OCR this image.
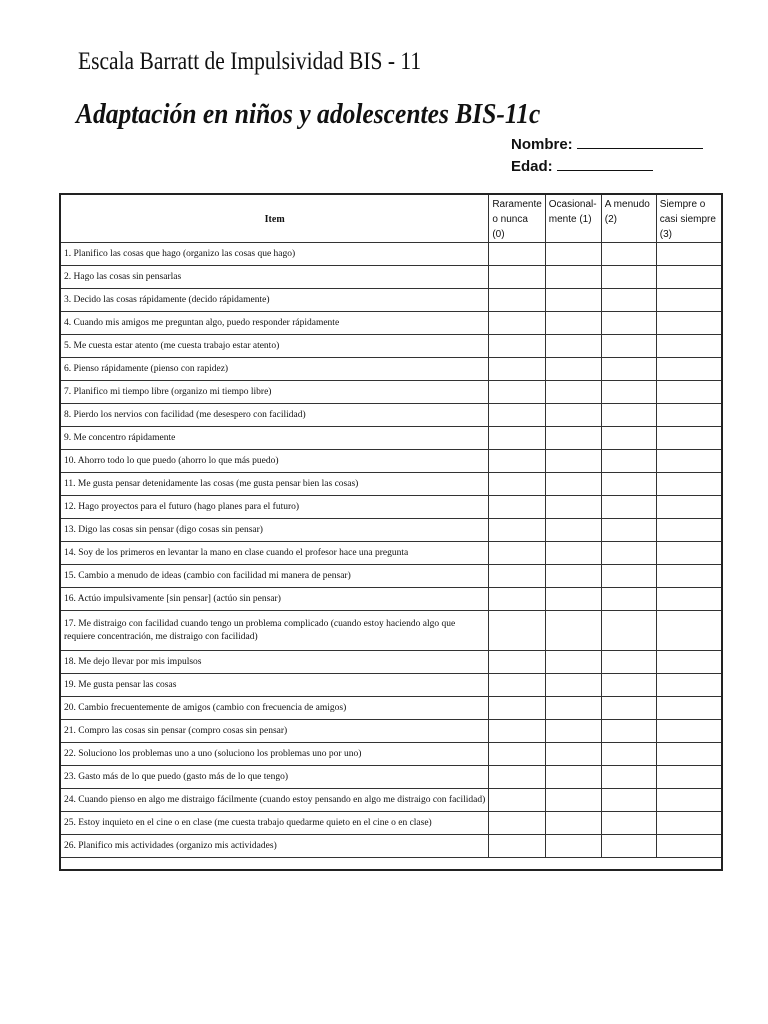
Escala Barratt de Impulsividad BIS - 11
Adaptación en niños y adolescentes BIS-11c
Nombre:
Edad:
Item	Raramente o nunca (0)	Ocasional-mente (1)	A menudo (2)	Siempre o casi siempre (3)
1. Planifico las cosas que hago (organizo las cosas que hago)				
2. Hago las cosas sin pensarlas				
3. Decido las cosas rápidamente (decido rápidamente)				
4. Cuando mis amigos me preguntan algo, puedo responder rápidamente				
5. Me cuesta estar atento (me cuesta trabajo estar atento)				
6. Pienso rápidamente (pienso con rapidez)				
7. Planifico mi tiempo libre (organizo mi tiempo libre)				
8. Pierdo los nervios con facilidad (me desespero con facilidad)				
9. Me concentro rápidamente				
10. Ahorro todo lo que puedo (ahorro lo que más puedo)				
11. Me gusta pensar detenidamente las cosas (me gusta pensar bien las cosas)				
12. Hago proyectos para el futuro (hago planes para el futuro)				
13. Digo las cosas sin pensar (digo cosas sin pensar)				
14. Soy de los primeros en levantar la mano en clase cuando el profesor hace una pregunta				
15. Cambio a menudo de ideas (cambio con facilidad mi manera de pensar)				
16. Actúo impulsivamente [sin pensar] (actúo sin pensar)				
17. Me distraigo con facilidad cuando tengo un problema complicado (cuando estoy haciendo algo que requiere concentración, me distraigo con facilidad)				
18. Me dejo llevar por mis impulsos				
19. Me gusta pensar las cosas				
20. Cambio frecuentemente de amigos (cambio con frecuencia de amigos)				
21. Compro las cosas sin pensar (compro cosas sin pensar)				
22. Soluciono los problemas uno a uno (soluciono los problemas uno por uno)				
23. Gasto más de lo que puedo (gasto más de lo que tengo)				
24. Cuando pienso en algo me distraigo fácilmente (cuando estoy pensando en algo me distraigo con facilidad)				
25. Estoy inquieto en el cine o en clase (me cuesta trabajo quedarme quieto en el cine o en clase)				
26. Planifico mis actividades (organizo mis actividades)				
